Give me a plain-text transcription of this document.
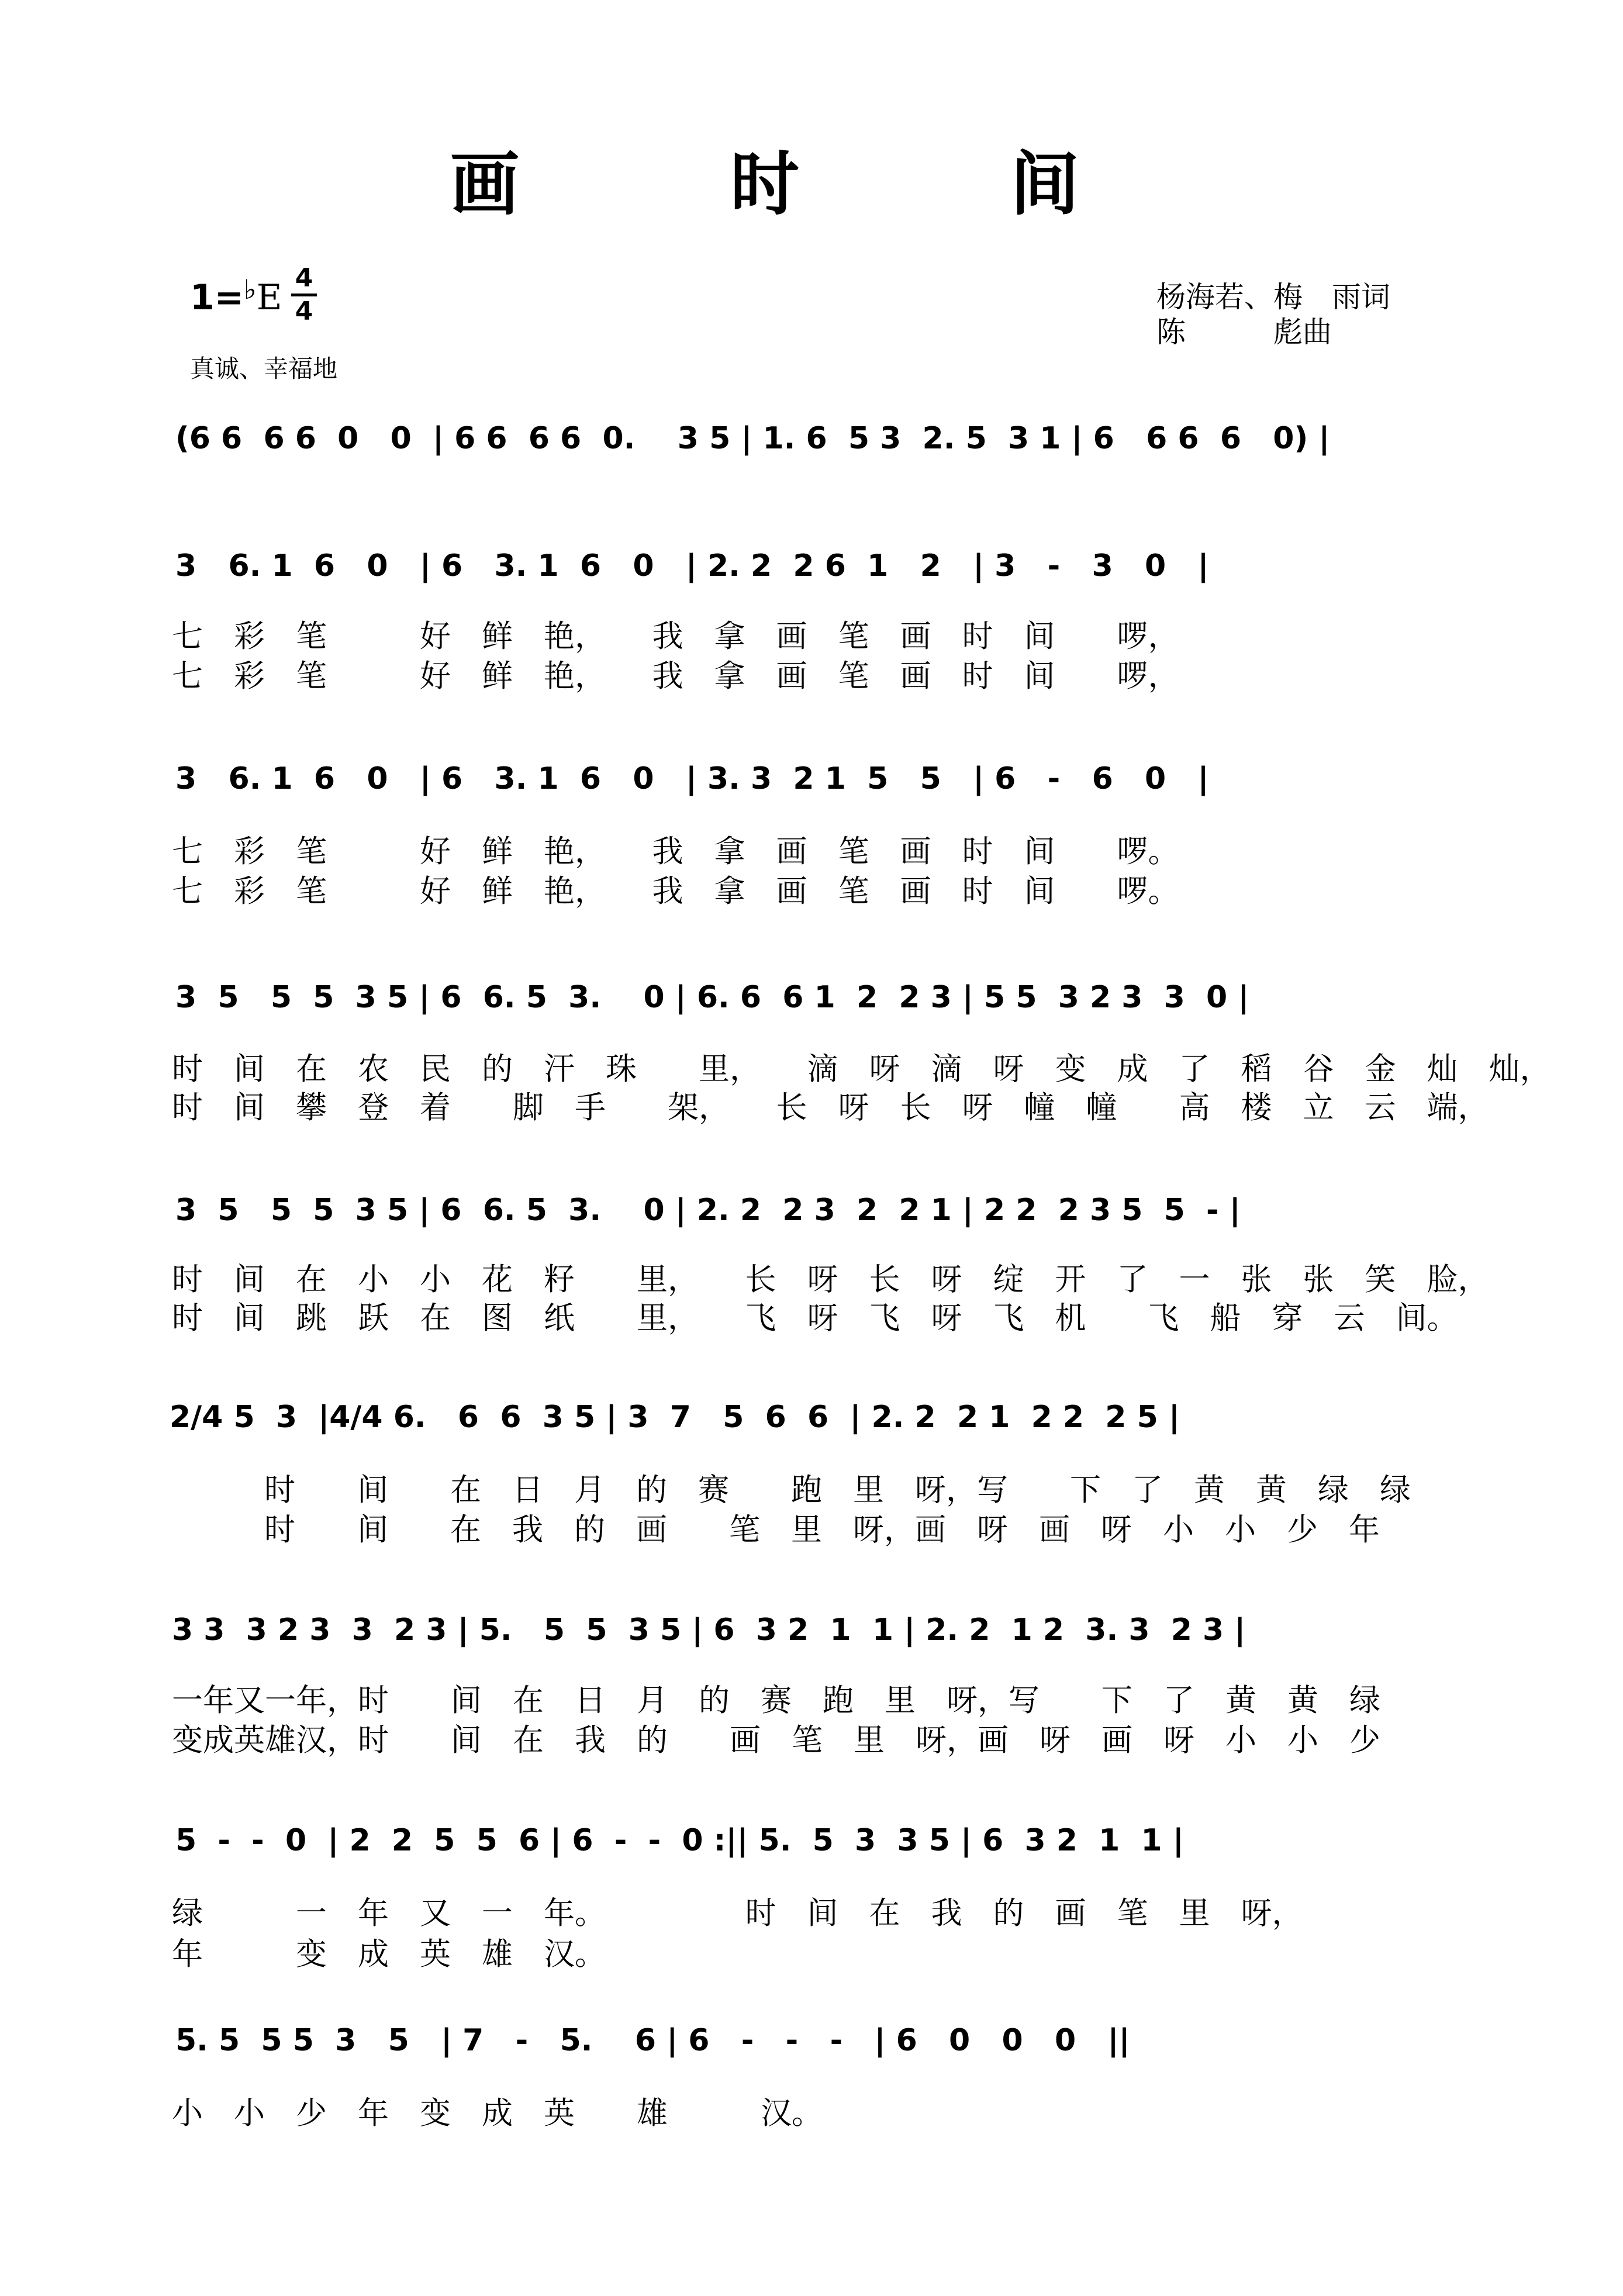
画 时 间
1=♭E 4
4
真诚、幸福地
杨海若、梅　雨词
陈　　　彪曲
(6 6  6 6  0   0  | 6 6  6 6  0.    3 5 | 1. 6  5 3  2. 5  3 1 | 6   6 6  6   0) |
3   6. 1  6   0   | 6   3. 1  6   0   | 2. 2  2 6  1   2   | 3   -   3   0   |
七　彩　笔　　　好　鲜　艳，　　我　拿　画　笔　画　时　间　　啰，
七　彩　笔　　　好　鲜　艳，　　我　拿　画　笔　画　时　间　　啰，
3   6. 1  6   0   | 6   3. 1  6   0   | 3. 3  2 1  5   5   | 6   -   6   0   |
七　彩　笔　　　好　鲜　艳，　　我　拿　画　笔　画　时　间　　啰。
七　彩　笔　　　好　鲜　艳，　　我　拿　画　笔　画　时　间　　啰。
3  5   5  5  3 5 | 6  6. 5  3.    0 | 6. 6  6 1  2  2 3 | 5 5  3 2 3  3  0 |
时　间　在　农　民　的　汗　珠　　里，　　滴　呀　滴　呀　变　成　了　稻　谷　金　灿　灿，
时　间　攀　登　着　　脚　手　　架，　　长　呀　长　呀　幢　幢　　高　楼　立　云　端，
3  5   5  5  3 5 | 6  6. 5  3.    0 | 2. 2  2 3  2  2 1 | 2 2  2 3 5  5  - |
时　间　在　小　小　花　籽　　里，　　长　呀　长　呀　绽　开　了　一　张　张　笑　脸，
时　间　跳　跃　在　图　纸　　里，　　飞　呀　飞　呀　飞　机　　飞　船　穿　云　间。
2/4 5  3  |4/4 6.   6  6  3 5 | 3  7   5  6  6  | 2. 2  2 1  2 2  2 5 |
时　　间　　在　日　月　的　赛　　跑　里　呀，写　　下　了　黄　黄　绿　绿
时　　间　　在　我　的　画　　笔　里　呀，画　呀　画　呀　小　小　少　年
3 3  3 2 3  3  2 3 | 5.   5  5  3 5 | 6  3 2  1  1 | 2. 2  1 2  3. 3  2 3 |
一年又一年，时　　间　在　日　月　的　赛　跑　里　呀，写　　下　了　黄　黄　绿
变成英雄汉，时　　间　在　我　的　　画　笔　里　呀，画　呀　画　呀　小　小　少
5  -  -  0  | 2  2  5  5  6 | 6  -  -  0 :|| 5.  5  3  3 5 | 6  3 2  1  1 |
绿　　　一　年　又　一　年。　　　　　时　间　在　我　的　画　笔　里　呀，
年　　　变　成　英　雄　汉。
5. 5  5 5  3   5   | 7   -   5.    6 | 6   -   -   -   | 6   0   0   0   ||
小　小　少　年　变　成　英　　雄　　　汉。
